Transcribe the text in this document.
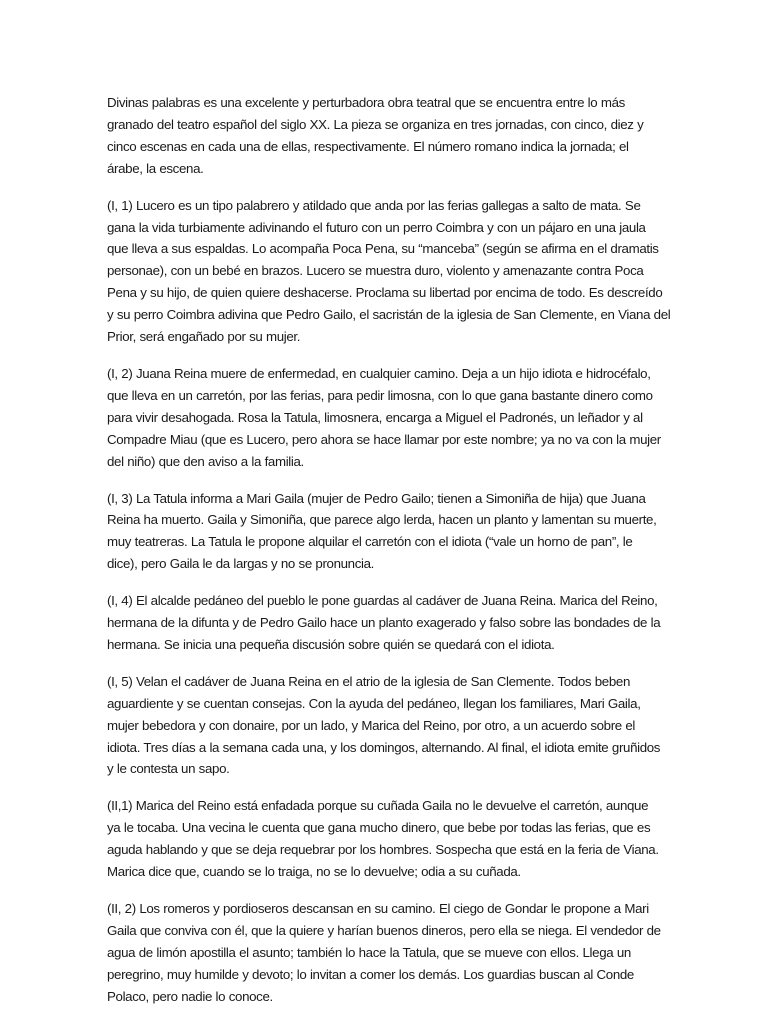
Divinas palabras es una excelente y perturbadora obra teatral que se encuentra entre lo más
granado del teatro español del siglo XX. La pieza se organiza en tres jornadas, con cinco, diez y
cinco escenas en cada una de ellas, respectivamente. El número romano indica la jornada; el
árabe, la escena.

(I, 1) Lucero es un tipo palabrero y atildado que anda por las ferias gallegas a salto de mata. Se
gana la vida turbiamente adivinando el futuro con un perro Coimbra y con un pájaro en una jaula
que lleva a sus espaldas. Lo acompaña Poca Pena, su “manceba” (según se afirma en el dramatis
personae), con un bebé en brazos. Lucero se muestra duro, violento y amenazante contra Poca
Pena y su hijo, de quien quiere deshacerse. Proclama su libertad por encima de todo. Es descreído
y su perro Coimbra adivina que Pedro Gailo, el sacristán de la iglesia de San Clemente, en Viana del
Prior, será engañado por su mujer.

(I, 2) Juana Reina muere de enfermedad, en cualquier camino. Deja a un hijo idiota e hidrocéfalo,
que lleva en un carretón, por las ferias, para pedir limosna, con lo que gana bastante dinero como
para vivir desahogada. Rosa la Tatula, limosnera, encarga a Miguel el Padronés, un leñador y al
Compadre Miau (que es Lucero, pero ahora se hace llamar por este nombre; ya no va con la mujer
del niño) que den aviso a la familia.

(I, 3) La Tatula informa a Mari Gaila (mujer de Pedro Gailo; tienen a Simoniña de hija) que Juana
Reina ha muerto. Gaila y Simoniña, que parece algo lerda, hacen un planto y lamentan su muerte,
muy teatreras. La Tatula le propone alquilar el carretón con el idiota (“vale un horno de pan”, le
dice), pero Gaila le da largas y no se pronuncia.

(I, 4) El alcalde pedáneo del pueblo le pone guardas al cadáver de Juana Reina. Marica del Reino,
hermana de la difunta y de Pedro Gailo hace un planto exagerado y falso sobre las bondades de la
hermana. Se inicia una pequeña discusión sobre quién se quedará con el idiota.

(I, 5) Velan el cadáver de Juana Reina en el atrio de la iglesia de San Clemente. Todos beben
aguardiente y se cuentan consejas. Con la ayuda del pedáneo, llegan los familiares, Mari Gaila,
mujer bebedora y con donaire, por un lado, y Marica del Reino, por otro, a un acuerdo sobre el
idiota. Tres días a la semana cada una, y los domingos, alternando. Al final, el idiota emite gruñidos
y le contesta un sapo.

(II,1) Marica del Reino está enfadada porque su cuñada Gaila no le devuelve el carretón, aunque
ya le tocaba. Una vecina le cuenta que gana mucho dinero, que bebe por todas las ferias, que es
aguda hablando y que se deja requebrar por los hombres. Sospecha que está en la feria de Viana.
Marica dice que, cuando se lo traiga, no se lo devuelve; odia a su cuñada.

(II, 2) Los romeros y pordioseros descansan en su camino. El ciego de Gondar le propone a Mari
Gaila que conviva con él, que la quiere y harían buenos dineros, pero ella se niega. El vendedor de
agua de limón apostilla el asunto; también lo hace la Tatula, que se mueve con ellos. Llega un
peregrino, muy humilde y devoto; lo invitan a comer los demás. Los guardias buscan al Conde
Polaco, pero nadie lo conoce.
